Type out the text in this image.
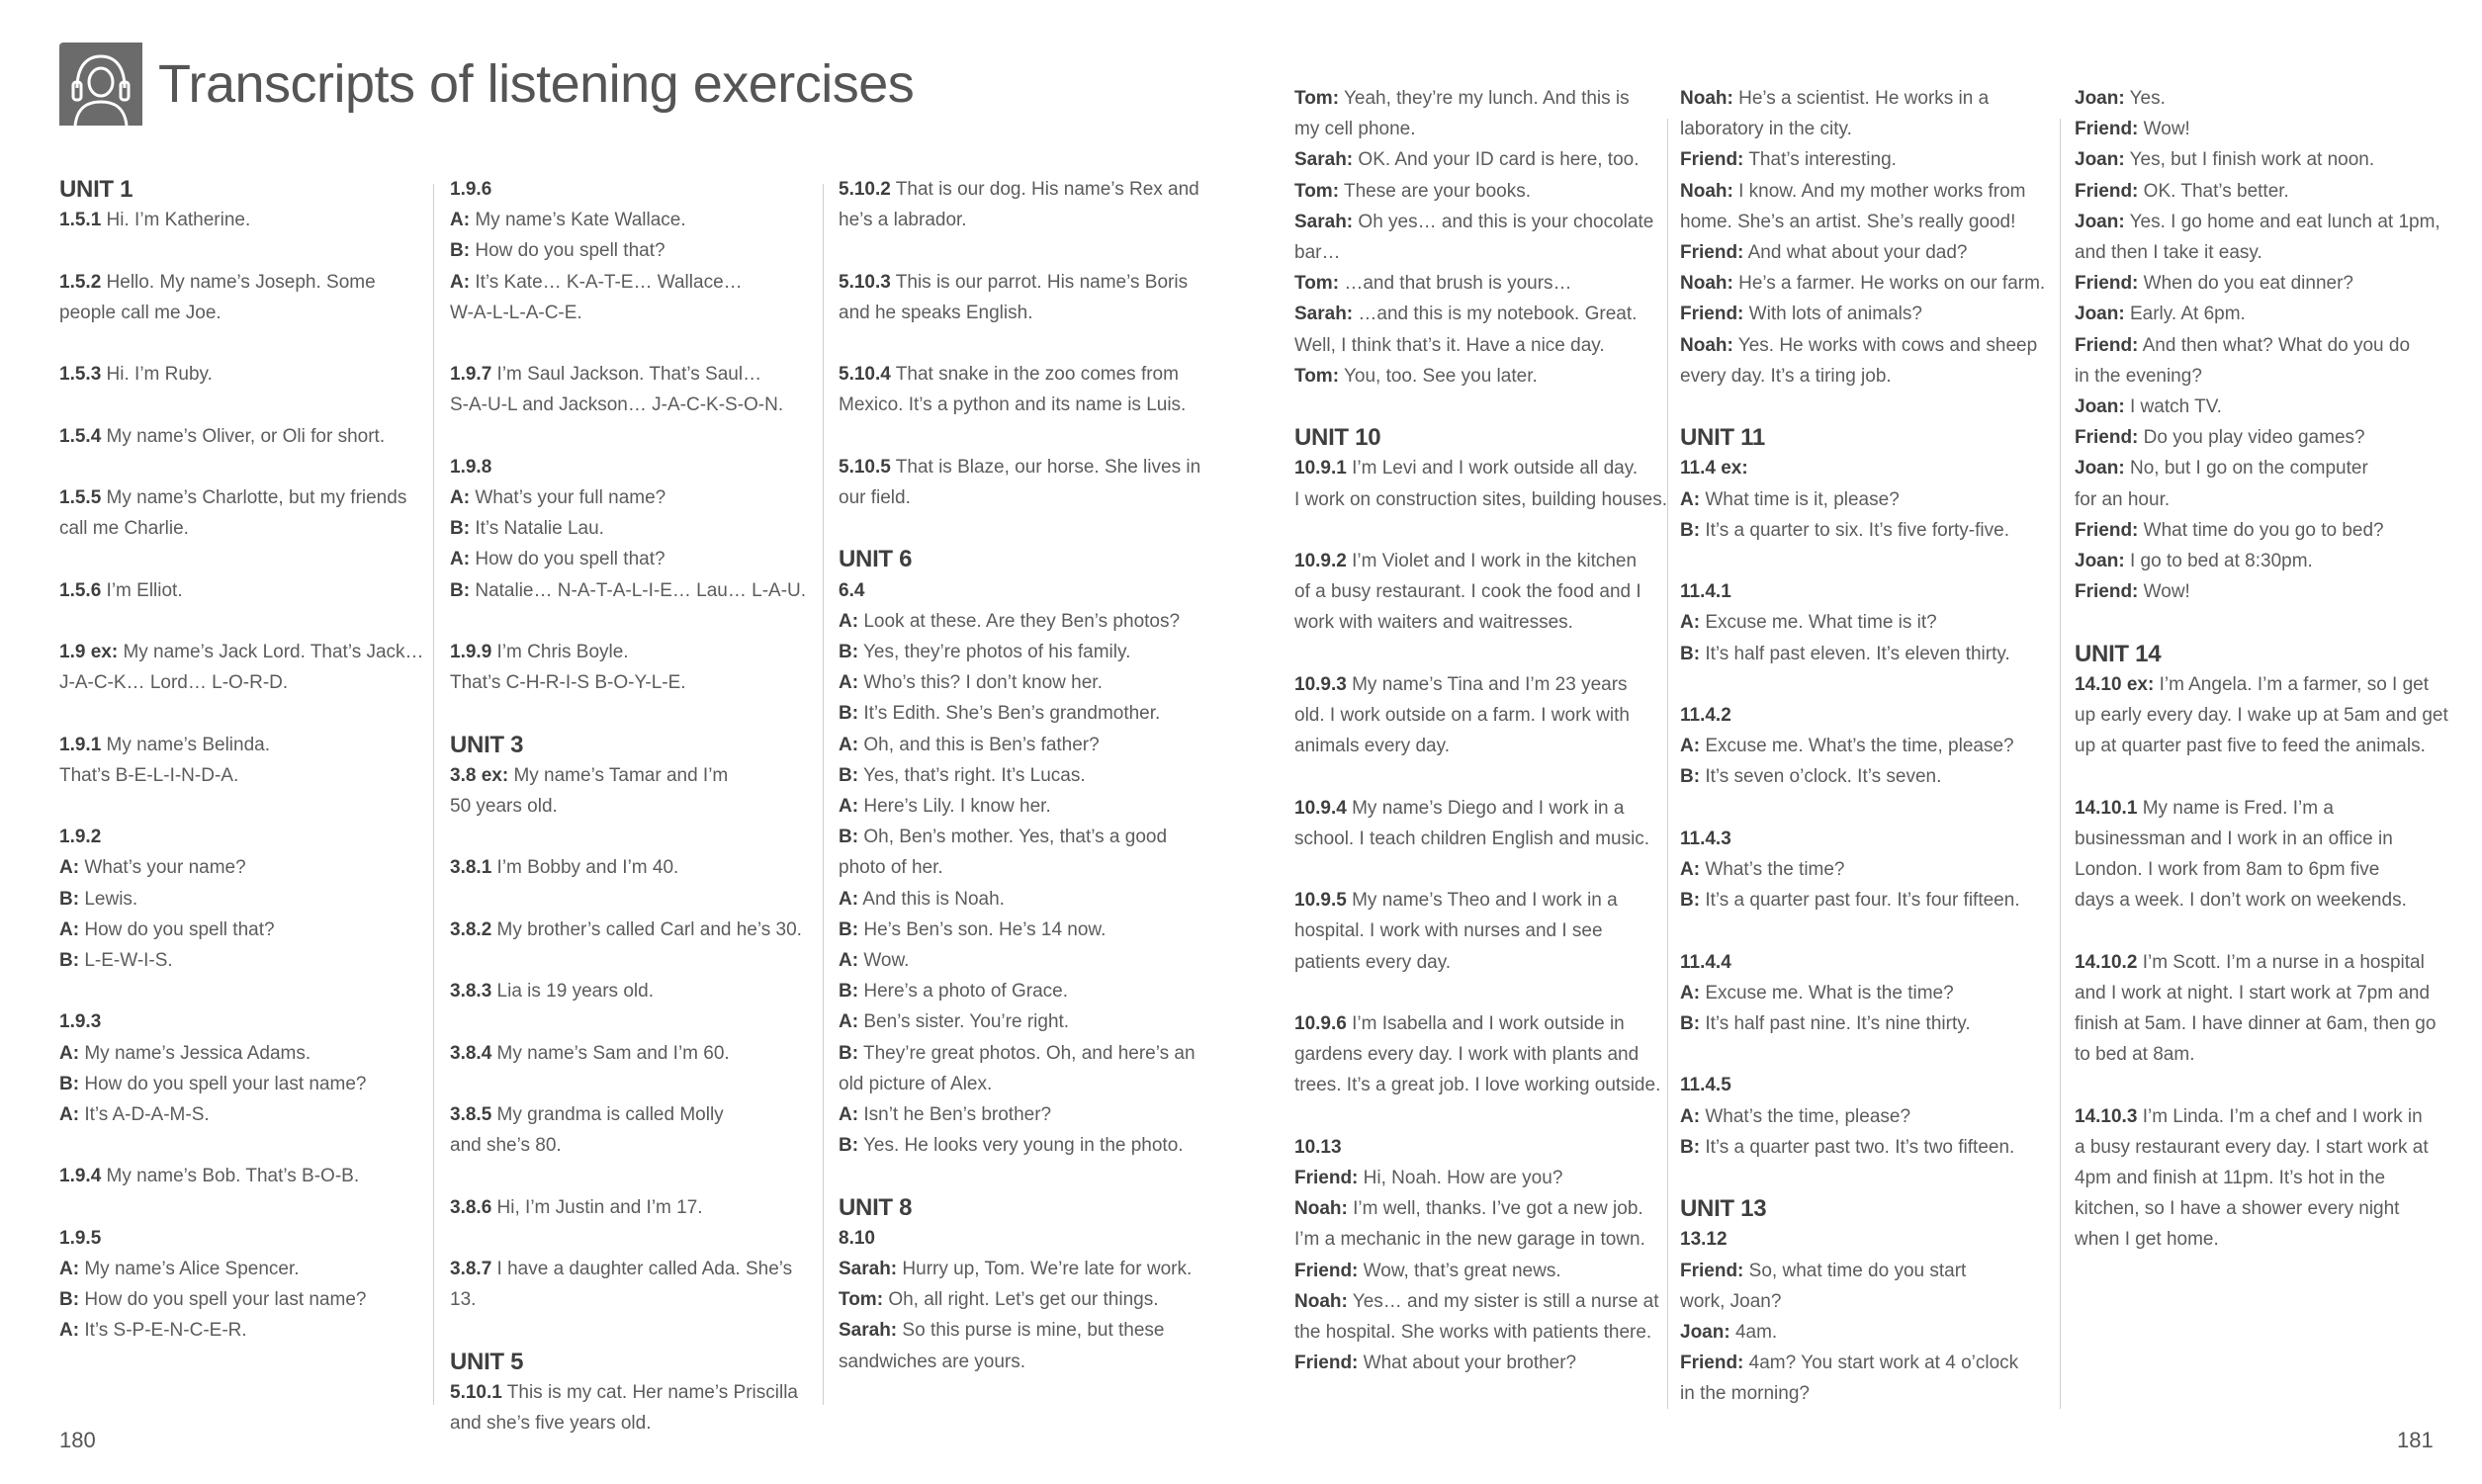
Transcripts of listening exercises
UNIT 1
1.5.1 Hi. I’m Katherine.
1.5.2 Hello. My name’s Joseph. Some
people call me Joe.
1.5.3 Hi. I’m Ruby.
1.5.4 My name’s Oliver, or Oli for short.
1.5.5 My name’s Charlotte, but my friends
call me Charlie.
1.5.6 I’m Elliot.
1.9 ex: My name’s Jack Lord. That’s Jack…
J-A-C-K… Lord… L-O-R-D.
1.9.1 My name’s Belinda.
That’s B-E-L-I-N-D-A.
1.9.2
A: What’s your name?
B: Lewis.
A: How do you spell that?
B: L-E-W-I-S.
1.9.3
A: My name’s Jessica Adams.
B: How do you spell your last name?
A: It’s A-D-A-M-S.
1.9.4 My name’s Bob. That’s B-O-B.
1.9.5
A: My name’s Alice Spencer.
B: How do you spell your last name?
A: It’s S-P-E-N-C-E-R.
1.9.6
A: My name’s Kate Wallace.
B: How do you spell that?
A: It’s Kate… K-A-T-E… Wallace…
W-A-L-L-A-C-E.
1.9.7 I’m Saul Jackson. That’s Saul…
S-A-U-L and Jackson… J-A-C-K-S-O-N.
1.9.8
A: What’s your full name?
B: It’s Natalie Lau.
A: How do you spell that?
B: Natalie… N-A-T-A-L-I-E… Lau… L-A-U.
1.9.9 I’m Chris Boyle.
That’s C-H-R-I-S B-O-Y-L-E.
UNIT 3
3.8 ex: My name’s Tamar and I’m
50 years old.
3.8.1 I’m Bobby and I’m 40.
3.8.2 My brother’s called Carl and he’s 30.
3.8.3 Lia is 19 years old.
3.8.4 My name’s Sam and I’m 60.
3.8.5 My grandma is called Molly
and she’s 80.
3.8.6 Hi, I’m Justin and I’m 17.
3.8.7 I have a daughter called Ada. She’s 13.
UNIT 5
5.10.1 This is my cat. Her name’s Priscilla
and she’s five years old.
5.10.2 That is our dog. His name’s Rex and
he’s a labrador.
5.10.3 This is our parrot. His name’s Boris
and he speaks English.
5.10.4 That snake in the zoo comes from
Mexico. It’s a python and its name is Luis.
5.10.5 That is Blaze, our horse. She lives in
our field.
UNIT 6
6.4
A: Look at these. Are they Ben’s photos?
B: Yes, they’re photos of his family.
A: Who’s this? I don’t know her.
B: It’s Edith. She’s Ben’s grandmother.
A: Oh, and this is Ben’s father?
B: Yes, that’s right. It’s Lucas.
A: Here’s Lily. I know her.
B: Oh, Ben’s mother. Yes, that’s a good
photo of her.
A: And this is Noah.
B: He’s Ben’s son. He’s 14 now.
A: Wow.
B: Here’s a photo of Grace.
A: Ben’s sister. You’re right.
B: They’re great photos. Oh, and here’s an
old picture of Alex.
A: Isn’t he Ben’s brother?
B: Yes. He looks very young in the photo.
UNIT 8
8.10
Sarah: Hurry up, Tom. We’re late for work.
Tom: Oh, all right. Let’s get our things.
Sarah: So this purse is mine, but these
sandwiches are yours.
Tom: Yeah, they’re my lunch. And this is
my cell phone.
Sarah: OK. And your ID card is here, too.
Tom: These are your books.
Sarah: Oh yes… and this is your chocolate
bar…
Tom: …and that brush is yours…
Sarah: …and this is my notebook. Great.
Well, I think that’s it. Have a nice day.
Tom: You, too. See you later.
UNIT 10
10.9.1 I’m Levi and I work outside all day.
I work on construction sites, building houses.
10.9.2 I’m Violet and I work in the kitchen
of a busy restaurant. I cook the food and I
work with waiters and waitresses.
10.9.3 My name’s Tina and I’m 23 years
old. I work outside on a farm. I work with
animals every day.
10.9.4 My name’s Diego and I work in a
school. I teach children English and music.
10.9.5 My name’s Theo and I work in a
hospital. I work with nurses and I see
patients every day.
10.9.6 I’m Isabella and I work outside in
gardens every day. I work with plants and
trees. It’s a great job. I love working outside.
10.13
Friend: Hi, Noah. How are you?
Noah: I’m well, thanks. I’ve got a new job.
I’m a mechanic in the new garage in town.
Friend: Wow, that’s great news.
Noah: Yes… and my sister is still a nurse at
the hospital. She works with patients there.
Friend: What about your brother?
Noah: He’s a scientist. He works in a
laboratory in the city.
Friend: That’s interesting.
Noah: I know. And my mother works from
home. She’s an artist. She’s really good!
Friend: And what about your dad?
Noah: He’s a farmer. He works on our farm.
Friend: With lots of animals?
Noah: Yes. He works with cows and sheep
every day. It’s a tiring job.
UNIT 11
11.4 ex:
A: What time is it, please?
B: It’s a quarter to six. It’s five forty-five.
11.4.1
A: Excuse me. What time is it?
B: It’s half past eleven. It’s eleven thirty.
11.4.2
A: Excuse me. What’s the time, please?
B: It’s seven o’clock. It’s seven.
11.4.3
A: What’s the time?
B: It’s a quarter past four. It’s four fifteen.
11.4.4
A: Excuse me. What is the time?
B: It’s half past nine. It’s nine thirty.
11.4.5
A: What’s the time, please?
B: It’s a quarter past two. It’s two fifteen.
UNIT 13
13.12
Friend: So, what time do you start
work, Joan?
Joan: 4am.
Friend: 4am? You start work at 4 o’clock
in the morning?
Joan: Yes.
Friend: Wow!
Joan: Yes, but I finish work at noon.
Friend: OK. That’s better.
Joan: Yes. I go home and eat lunch at 1pm,
and then I take it easy.
Friend: When do you eat dinner?
Joan: Early. At 6pm.
Friend: And then what? What do you do
in the evening?
Joan: I watch TV.
Friend: Do you play video games?
Joan: No, but I go on the computer
for an hour.
Friend: What time do you go to bed?
Joan: I go to bed at 8:30pm.
Friend: Wow!
UNIT 14
14.10 ex: I’m Angela. I’m a farmer, so I get
up early every day. I wake up at 5am and get
up at quarter past five to feed the animals.
14.10.1 My name is Fred. I’m a
businessman and I work in an office in
London. I work from 8am to 6pm five
days a week. I don’t work on weekends.
14.10.2 I’m Scott. I’m a nurse in a hospital
and I work at night. I start work at 7pm and
finish at 5am. I have dinner at 6am, then go
to bed at 8am.
14.10.3 I’m Linda. I’m a chef and I work in
a busy restaurant every day. I start work at
4pm and finish at 11pm. It’s hot in the
kitchen, so I have a shower every night
when I get home.
180	181
